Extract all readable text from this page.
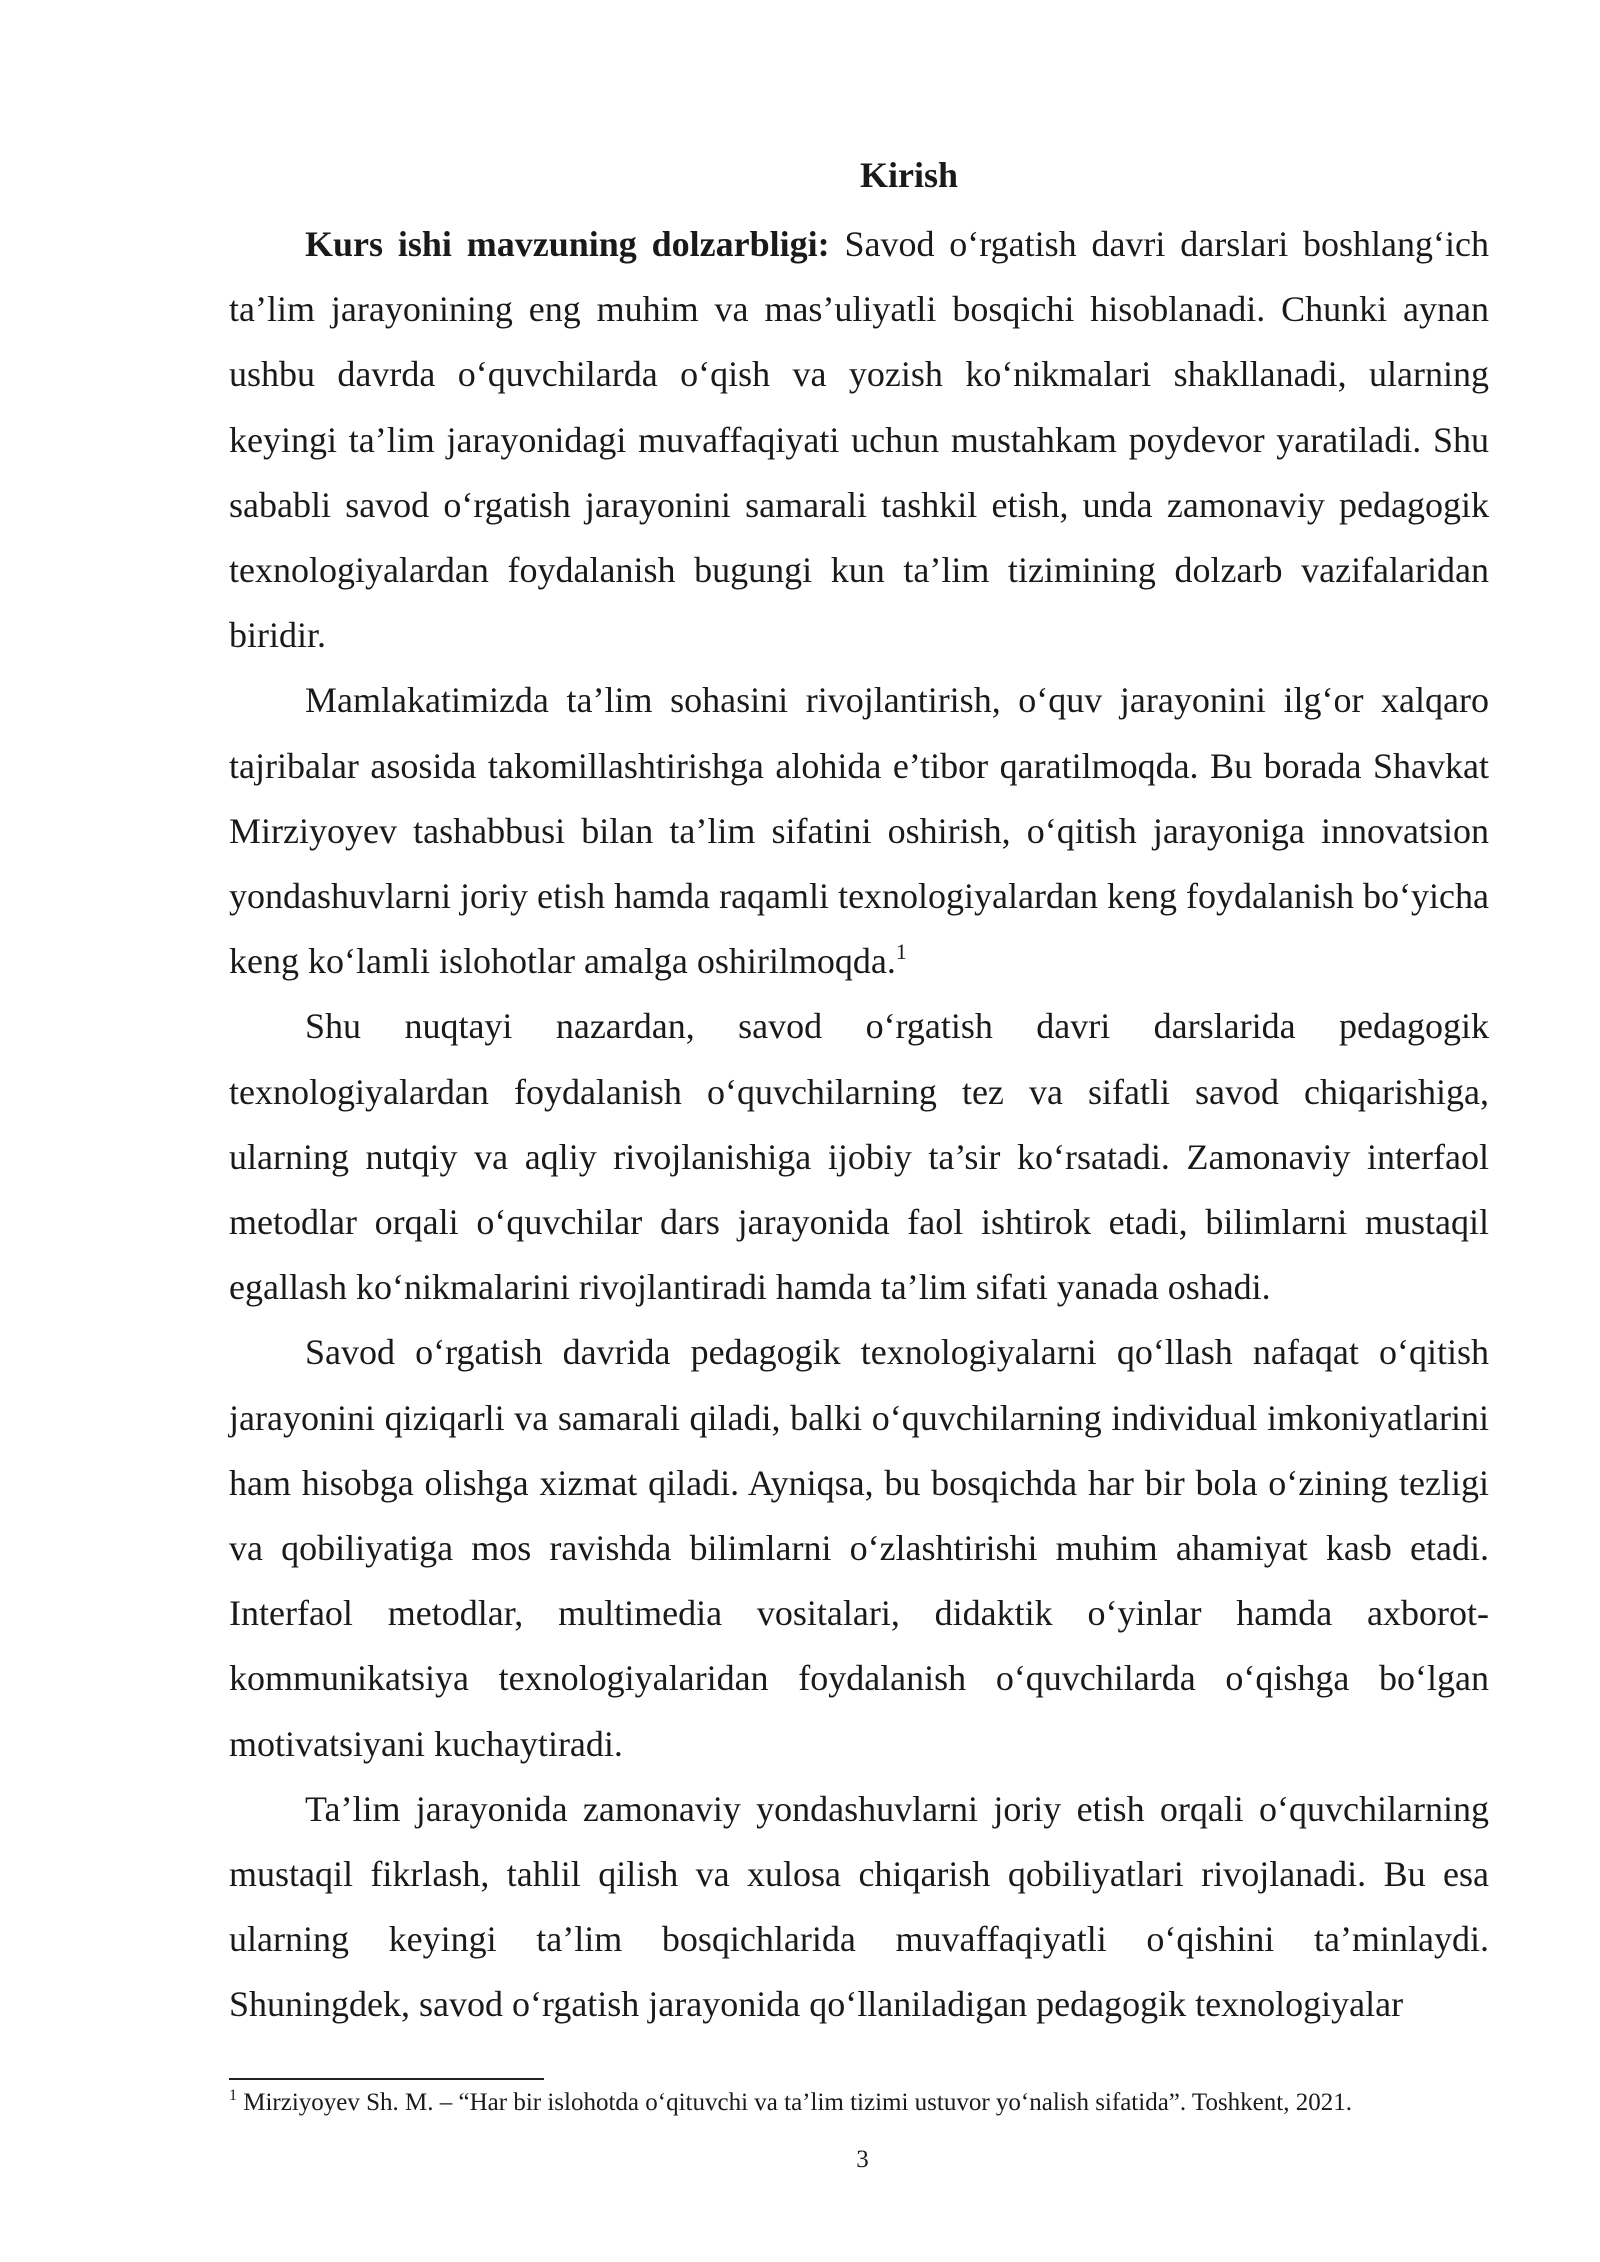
Kirish

Kurs ishi mavzuning dolzarbligi: Savod o‘rgatish davri darslari boshlang‘ich ta’lim jarayonining eng muhim va mas’uliyatli bosqichi hisoblanadi. Chunki aynan ushbu davrda o‘quvchilarda o‘qish va yozish ko‘nikmalari shakllanadi, ularning keyingi ta’lim jarayonidagi muvaffaqiyati uchun mustahkam poydevor yaratiladi. Shu sababli savod o‘rgatish jarayonini samarali tashkil etish, unda zamonaviy pedagogik texnologiyalardan foydalanish bugungi kun ta’lim tizimining dolzarb vazifalaridan biridir.

Mamlakatimizda ta’lim sohasini rivojlantirish, o‘quv jarayonini ilg‘or xalqaro tajribalar asosida takomillashtirishga alohida e’tibor qaratilmoqda. Bu borada Shavkat Mirziyoyev tashabbusi bilan ta’lim sifatini oshirish, o‘qitish jarayoniga innovatsion yondashuvlarni joriy etish hamda raqamli texnologiyalardan keng foydalanish bo‘yicha keng ko‘lamli islohotlar amalga oshirilmoqda.$^1$

Shu nuqtayi nazardan, savod o‘rgatish davri darslarida pedagogik texnologiyalardan foydalanish o‘quvchilarning tez va sifatli savod chiqarishiga, ularning nutqiy va aqliy rivojlanishiga ijobiy ta’sir ko‘rsatadi. Zamonaviy interfaol metodlar orqali o‘quvchilar dars jarayonida faol ishtirok etadi, bilimlarni mustaqil egallash ko‘nikmalarini rivojlantiradi hamda ta’lim sifati yanada oshadi.

Savod o‘rgatish davrida pedagogik texnologiyalarni qo‘llash nafaqat o‘qitish jarayonini qiziqarli va samarali qiladi, balki o‘quvchilarning individual imkoniyatlarini ham hisobga olishga xizmat qiladi. Ayniqsa, bu bosqichda har bir bola o‘zining tezligi va qobiliyatiga mos ravishda bilimlarni o‘zlashtirishi muhim ahamiyat kasb etadi. Interfaol metodlar, multimedia vositalari, didaktik o‘yinlar hamda axborot-kommunikatsiya texnologiyalaridan foydalanish o‘quvchilarda o‘qishga bo‘lgan motivatsiyani kuchaytiradi.

Ta’lim jarayonida zamonaviy yondashuvlarni joriy etish orqali o‘quvchilarning mustaqil fikrlash, tahlil qilish va xulosa chiqarish qobiliyatlari rivojlanadi. Bu esa ularning keyingi ta’lim bosqichlarida muvaffaqiyatli o‘qishini ta’minlaydi. Shuningdek, savod o‘rgatish jarayonida qo‘llaniladigan pedagogik texnologiyalar

$^1$ Mirziyoyev Sh. M. – “Har bir islohotda o‘qituvchi va ta’lim tizimi ustuvor yo‘nalish sifatida”. Toshkent, 2021.

3
